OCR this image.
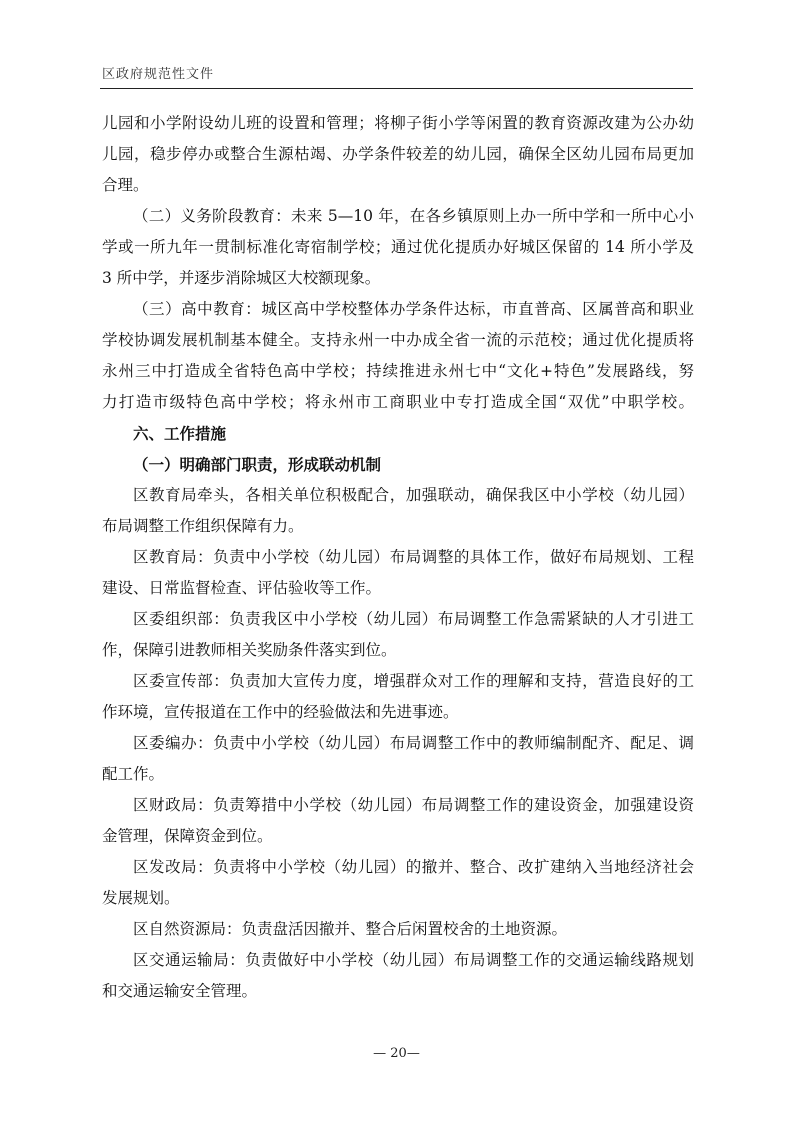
区政府规范性文件
儿园和小学附设幼儿班的设置和管理；将柳子街小学等闲置的教育资源改建为公办幼
儿园，稳步停办或整合生源枯竭、办学条件较差的幼儿园，确保全区幼儿园布局更加
合理。
（二）义务阶段教育：未来 5—10 年，在各乡镇原则上办一所中学和一所中心小
学或一所九年一贯制标准化寄宿制学校；通过优化提质办好城区保留的 14 所小学及
3 所中学，并逐步消除城区大校额现象。
（三）高中教育：城区高中学校整体办学条件达标，市直普高、区属普高和职业
学校协调发展机制基本健全。支持永州一中办成全省一流的示范校；通过优化提质将
永州三中打造成全省特色高中学校；持续推进永州七中“文化+特色”发展路线，努
力打造市级特色高中学校；将永州市工商职业中专打造成全国“双优”中职学校。
六、工作措施
（一）明确部门职责，形成联动机制
区教育局牵头，各相关单位积极配合，加强联动，确保我区中小学校（幼儿园）
布局调整工作组织保障有力。
区教育局：负责中小学校（幼儿园）布局调整的具体工作，做好布局规划、工程
建设、日常监督检查、评估验收等工作。
区委组织部：负责我区中小学校（幼儿园）布局调整工作急需紧缺的人才引进工
作，保障引进教师相关奖励条件落实到位。
区委宣传部：负责加大宣传力度，增强群众对工作的理解和支持，营造良好的工
作环境，宣传报道在工作中的经验做法和先进事迹。
区委编办：负责中小学校（幼儿园）布局调整工作中的教师编制配齐、配足、调
配工作。
区财政局：负责筹措中小学校（幼儿园）布局调整工作的建设资金，加强建设资
金管理，保障资金到位。
区发改局：负责将中小学校（幼儿园）的撤并、整合、改扩建纳入当地经济社会
发展规划。
区自然资源局：负责盘活因撤并、整合后闲置校舍的土地资源。
区交通运输局：负责做好中小学校（幼儿园）布局调整工作的交通运输线路规划
和交通运输安全管理。
— 20—
